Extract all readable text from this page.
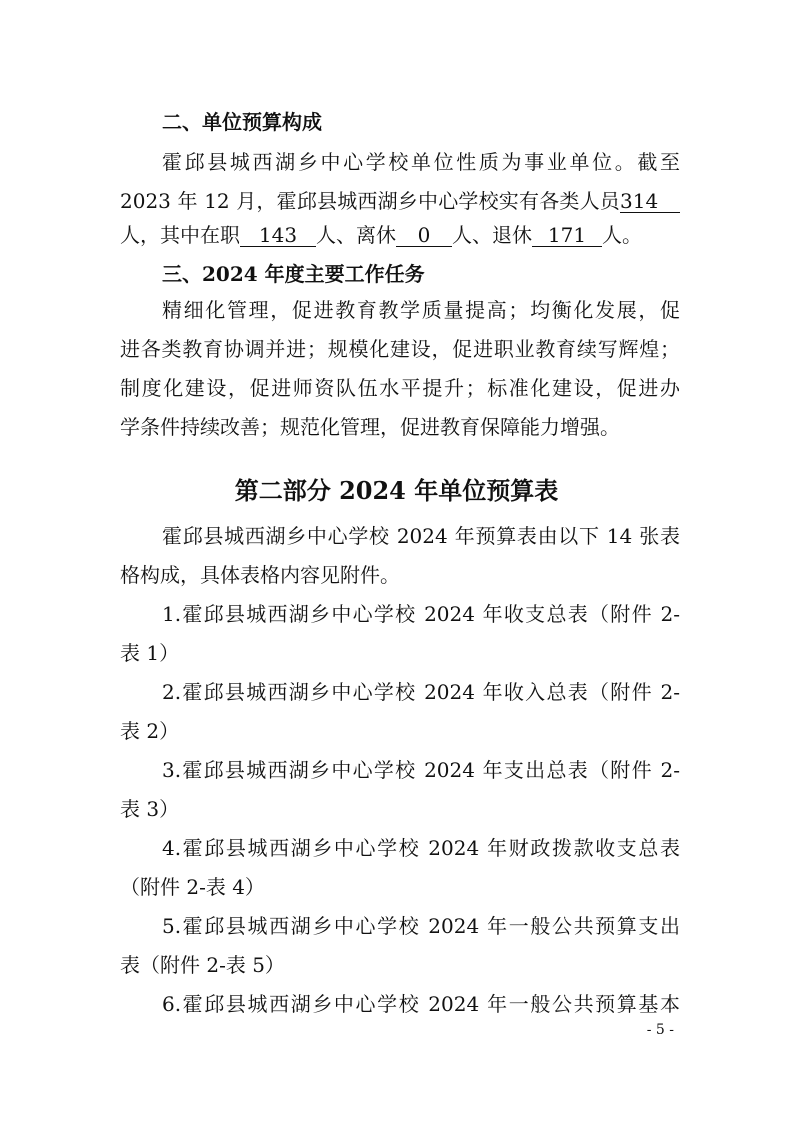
二、单位预算构成
霍邱县城西湖乡中心学校单位性质为事业单位。截至
2023 年 12 月，霍邱县城西湖乡中心学校实有各类人员314
人，其中在职 143 人、离休 0 人、退休 171 人。
三、2024 年度主要工作任务
精细化管理，促进教育教学质量提高；均衡化发展，促
进各类教育协调并进；规模化建设，促进职业教育续写辉煌；
制度化建设，促进师资队伍水平提升；标准化建设，促进办
学条件持续改善；规范化管理，促进教育保障能力增强。
第二部分 2024 年单位预算表
霍邱县城西湖乡中心学校 2024 年预算表由以下 14 张表
格构成，具体表格内容见附件。
1.霍邱县城西湖乡中心学校 2024 年收支总表（附件 2-
表 1）
2.霍邱县城西湖乡中心学校 2024 年收入总表（附件 2-
表 2）
3.霍邱县城西湖乡中心学校 2024 年支出总表（附件 2-
表 3）
4.霍邱县城西湖乡中心学校 2024 年财政拨款收支总表
（附件 2-表 4）
5.霍邱县城西湖乡中心学校 2024 年一般公共预算支出
表（附件 2-表 5）
6.霍邱县城西湖乡中心学校 2024 年一般公共预算基本
- 5 -
